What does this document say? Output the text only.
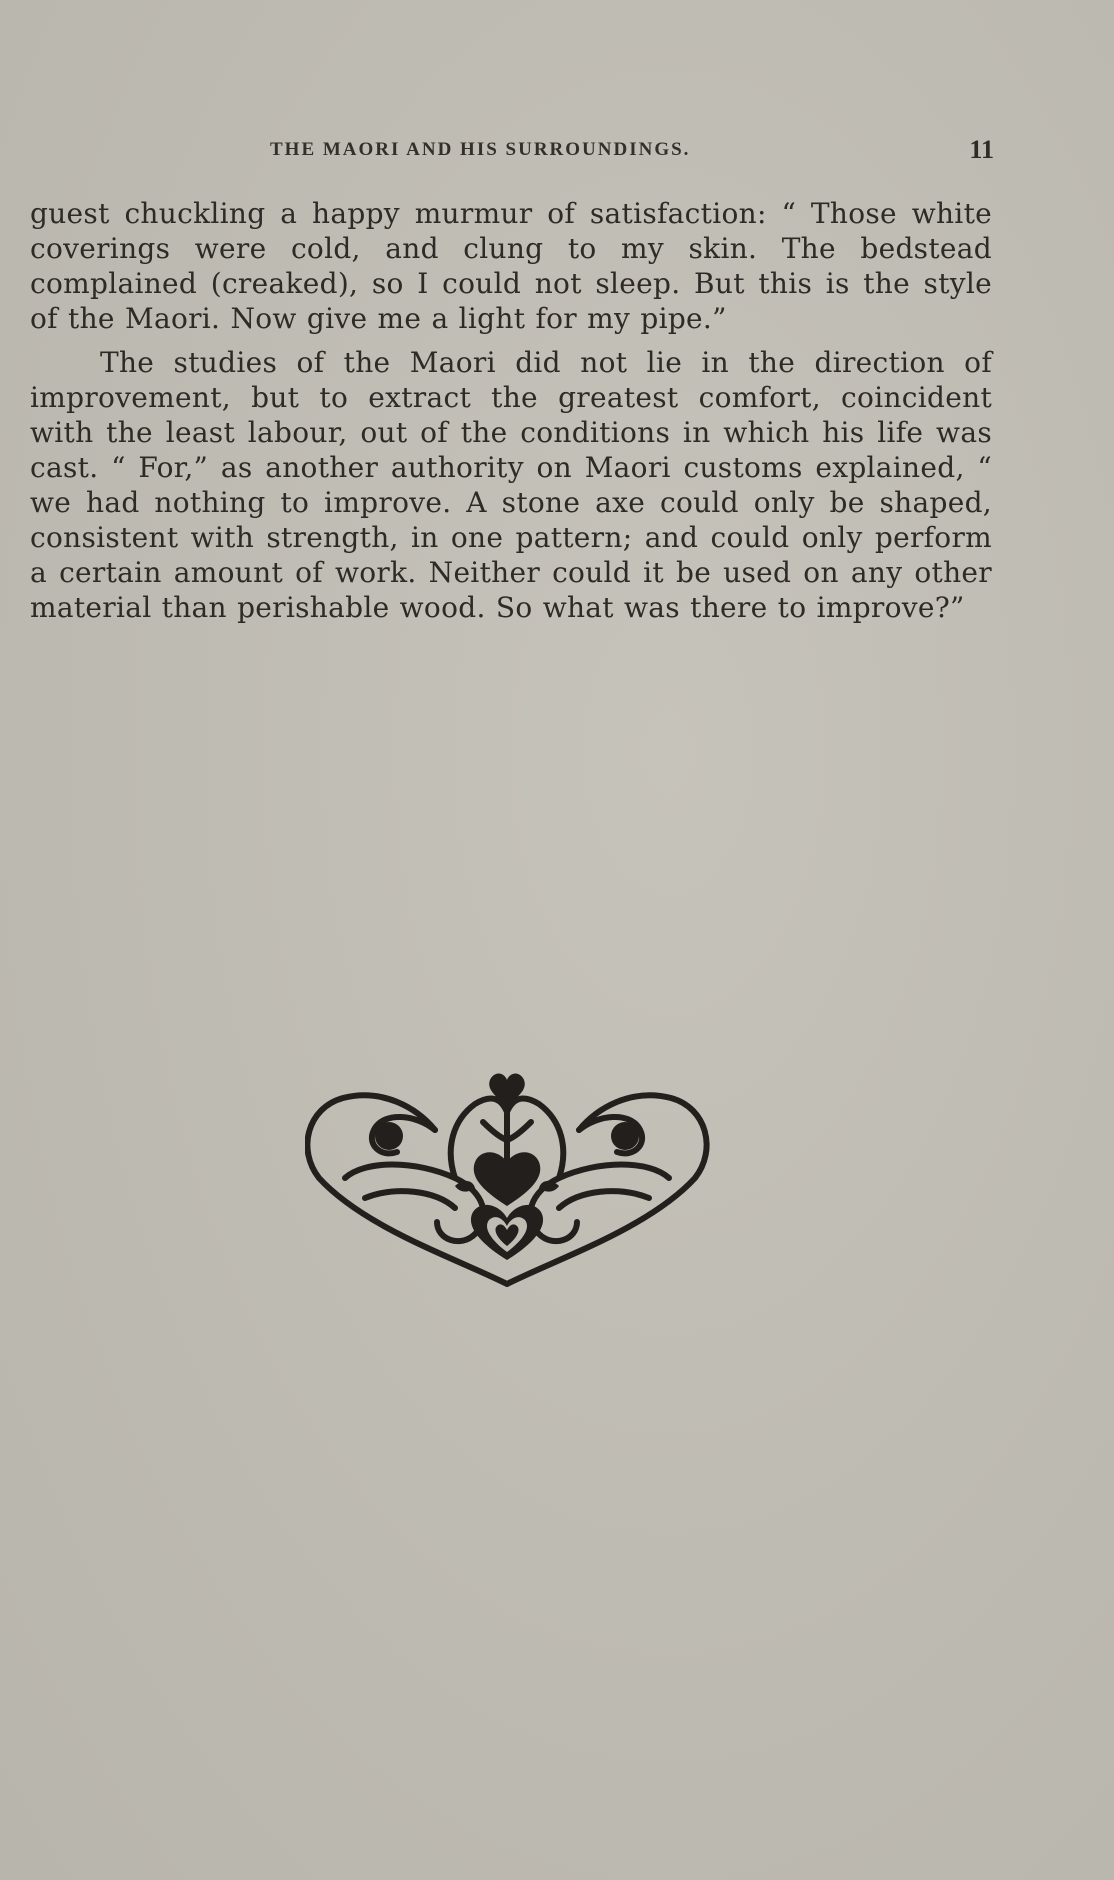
THE MAORI AND HIS SURROUNDINGS.	11

guest chuckling a happy murmur of satisfaction: “ Those white coverings were cold, and clung to my skin. The bedstead complained (creaked), so I could not sleep. But this is the style of the Maori. Now give me a light for my pipe.”

The studies of the Maori did not lie in the direction of improvement, but to extract the greatest comfort, coincident with the least labour, out of the conditions in which his life was cast. “ For,” as another authority on Maori customs explained, “ we had nothing to improve. A stone axe could only be shaped, consistent with strength, in one pattern; and could only perform a certain amount of work. Neither could it be used on any other material than perishable wood. So what was there to improve?”
